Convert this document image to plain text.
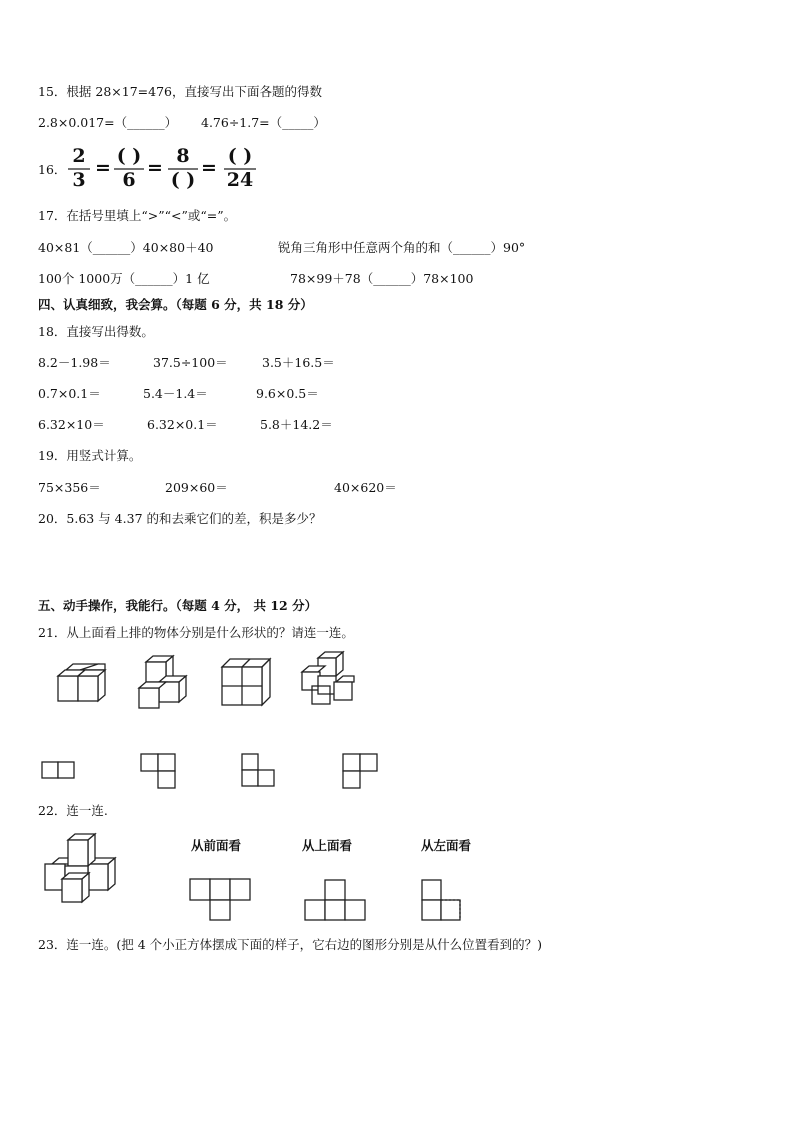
15．根据 28×17=476，直接写出下面各题的得数
2.8×0.017=（______） 4.76÷1.7=（_____）
16．
2
3
=
( )
6
=
8
( )
=
( )
24
17．在括号里填上“>”“<”或“=”。
40×81（______）40×80＋40	锐角三角形中任意两个角的和（______）90°
100个 1000万（______）1 亿	78×99＋78（______）78×100
四、认真细致，我会算。（每题 6 分，共 18 分）
18．直接写出得数。
8.2－1.98＝	37.5÷100＝	3.5＋16.5＝
0.7×0.1＝	5.4－1.4＝	9.6×0.5＝
6.32×10＝	6.32×0.1＝	5.8＋14.2＝
19．用竖式计算。
75×356＝	209×60＝	40×620＝
20．5.63 与 4.37 的和去乘它们的差，积是多少？
五、动手操作，我能行。（每题 4 分， 共 12 分）
21．从上面看上排的物体分别是什么形状的？请连一连。
22．连一连.
从前面看	从上面看	从左面看
23．连一连。(把 4 个小正方体摆成下面的样子，它右边的图形分别是从什么位置看到的？)
